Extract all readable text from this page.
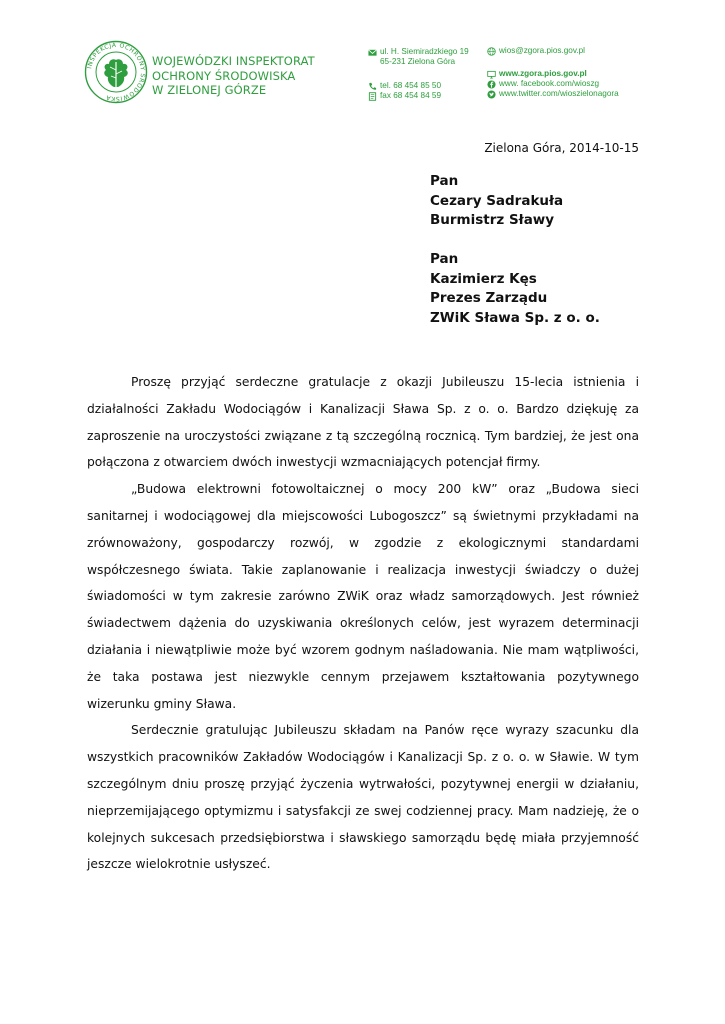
INSPEKCJA OCHRONY ŚRODOWISKA
WOJEWÓDZKI INSPEKTORAT
OCHRONY ŚRODOWISKA
W ZIELONEJ GÓRZE
ul. H. Siemiradzkiego 19
65-231 Zielona Góra
tel. 68 454 85 50
fax 68 454 84 59
wios@zgora.pios.gov.pl
www.zgora.pios.gov.pl
www. facebook.com/wioszg
www.twitter.com/wioszielonagora
Zielona Góra, 2014-10-15
Pan
Cezary Sadrakuła
Burmistrz Sławy
Pan
Kazimierz Kęs
Prezes Zarządu
ZWiK Sława Sp. z o. o.

Proszę przyjąć serdeczne gratulacje z okazji Jubileuszu 15-lecia istnienia i działalności Zakładu Wodociągów i Kanalizacji Sława Sp. z o. o. Bardzo dziękuję za zaproszenie na uroczystości związane z tą szczególną rocznicą. Tym bardziej, że jest ona połączona z otwarciem dwóch inwestycji wzmacniających potencjał firmy.

„Budowa elektrowni fotowoltaicznej o mocy 200 kW” oraz „Budowa sieci sanitarnej i wodociągowej dla miejscowości Lubogoszcz” są świetnymi przykładami na zrównoważony, gospodarczy rozwój, w zgodzie z ekologicznymi standardami współczesnego świata. Takie zaplanowanie i realizacja inwestycji świadczy o dużej świadomości w tym zakresie zarówno ZWiK oraz władz samorządowych. Jest również świadectwem dążenia do uzyskiwania określonych celów, jest wyrazem determinacji działania i niewątpliwie może być wzorem godnym naśladowania. Nie mam wątpliwości, że taka postawa jest niezwykle cennym przejawem kształtowania pozytywnego wizerunku gminy Sława.

Serdecznie gratulując Jubileuszu składam na Panów ręce wyrazy szacunku dla wszystkich pracowników Zakładów Wodociągów i Kanalizacji Sp. z o. o. w Sławie. W tym szczególnym dniu proszę przyjąć życzenia wytrwałości, pozytywnej energii w działaniu, nieprzemijającego optymizmu i satysfakcji ze swej codziennej pracy. Mam nadzieję, że o kolejnych sukcesach przedsiębiorstwa i sławskiego samorządu będę miała przyjemność jeszcze wielokrotnie usłyszeć.
